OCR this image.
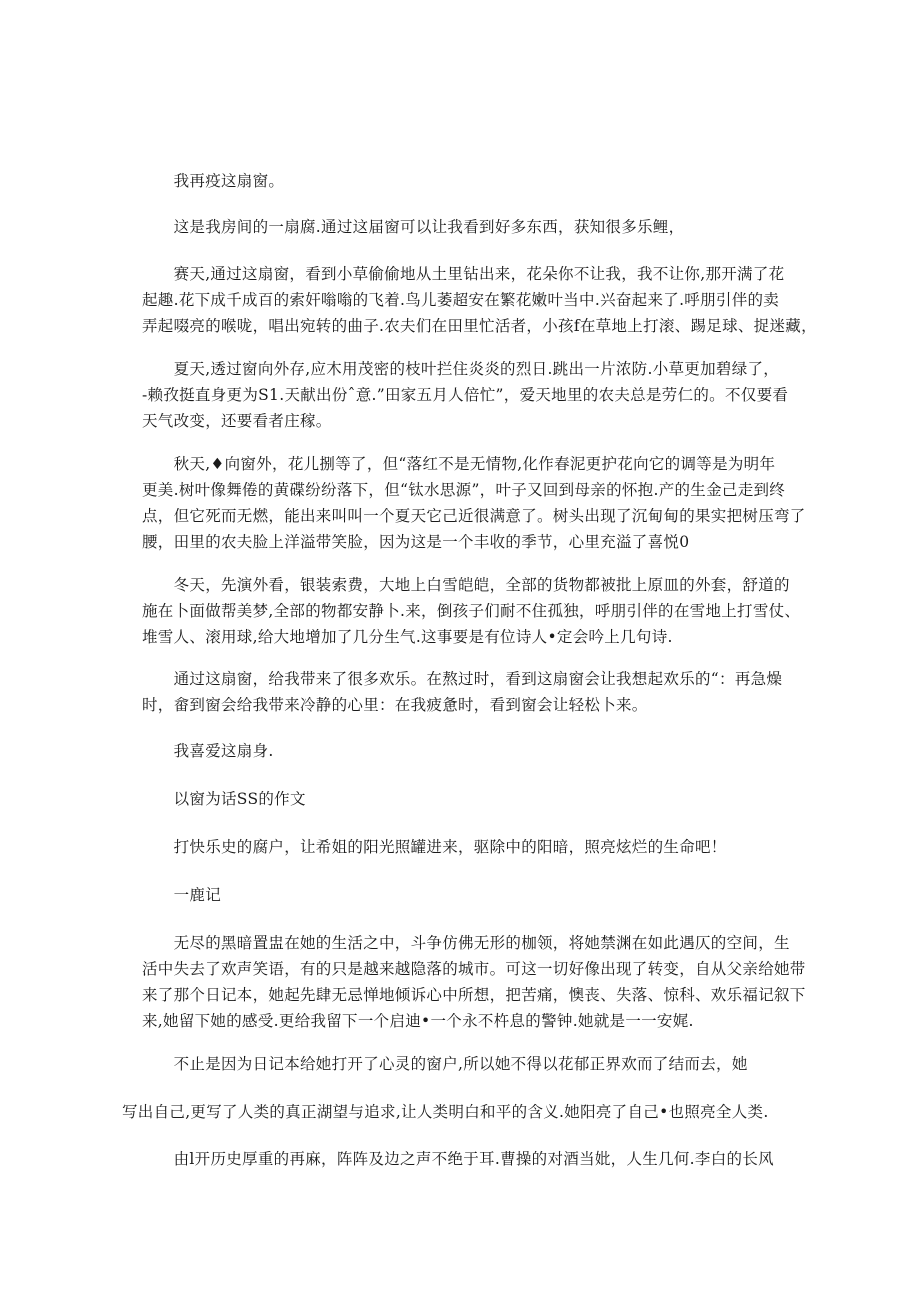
　　我再疫这扇窗。
　　这是我房间的一扇腐.通过这届窗可以让我看到好多东西，获知很多乐鲤，
　　赛天,通过这扇窗，看到小草偷偷地从土里钻出来，花朵你不让我，我不让你,那开满了花
起趣.花下成千成百的索奸嗡嗡的飞着.鸟儿萎超安在繁花嫩叶当中.兴奋起来了.呼朋引伴的卖
弄起啜亮的喉咙，唱出宛转的曲子.农夫们在田里忙活者，小孩f在草地上打滚、踢足球、捉迷藏，
　　夏天,透过窗向外存,应木用茂密的枝叶拦住炎炎的烈日.跳出一片浓防.小草更加碧绿了，
-赖孜挺直身更为S1.天献出份ˆ意.”田家五月人倍忙”，爱天地里的农夫总是劳仁的。不仅要看
天气改变，还要看者庄稼。
　　秋天,♦向窗外，花儿捌等了，但“落红不是无情物,化作春泥更护花向它的调等是为明年
更美.树叶像舞倦的黄碟纷纷落下，但“钛水思源”，叶子又回到母亲的怀抱.产的生金己走到终
点，但它死而无燃，能出来叫叫一个夏天它己近很满意了。树头出现了沉甸甸的果实把树压弯了
腰，田里的农夫脸上洋溢带笑脸，因为这是一个丰收的季节，心里充溢了喜悦0
　　冬天，先演外看，银装索费，大地上白雪皑皑，全部的货物都被批上原皿的外套，舒道的
施在卜面做帮美梦,全部的物都安静卜.来，倒孩子们耐不住孤独，呼朋引伴的在雪地上打雪仗、
堆雪人、滚用球,给大地增加了几分生气.这事要是有位诗人•定会吟上几句诗.
　　通过这扇窗，给我带来了很多欢乐。在熬过时，看到这扇窗会让我想起欢乐的“：再急燥
时，畲到窗会给我带来冷静的心里：在我疲惫时，看到窗会让轻松卜来。
　　我喜爱这扇身.
　　以窗为话SS的作文
　　打快乐史的腐户，让希姐的阳光照罐进来，驱除中的阳暗，照亮炫烂的生命吧！
　　一鹿记
　　无尽的黑暗置盅在她的生活之中，斗争仿佛无形的枷领，将她禁渊在如此遇仄的空间，生
活中失去了欢声笑语，有的只是越来越隐落的城市。可这一切好像出现了转变，自从父亲给她带
来了那个日记本，她起先肆无忌惮地倾诉心中所想，把苦痛，懊丧、失落、惊科、欢乐福记叙下
来,她留下她的感受.更给我留下一个启迪•一个永不杵息的警钟.她就是一一安娓.
　　不止是因为日记本给她打开了心灵的窗户,所以她不得以花郁正界欢而了结而去，她
写出自己,更写了人类的真正湖望与追求,让人类明白和平的含义.她阳亮了自己•也照亮全人类.
　　由l开历史厚重的再麻，阵阵及边之声不绝于耳.曹操的对酒当妣，人生几何.李白的长风
